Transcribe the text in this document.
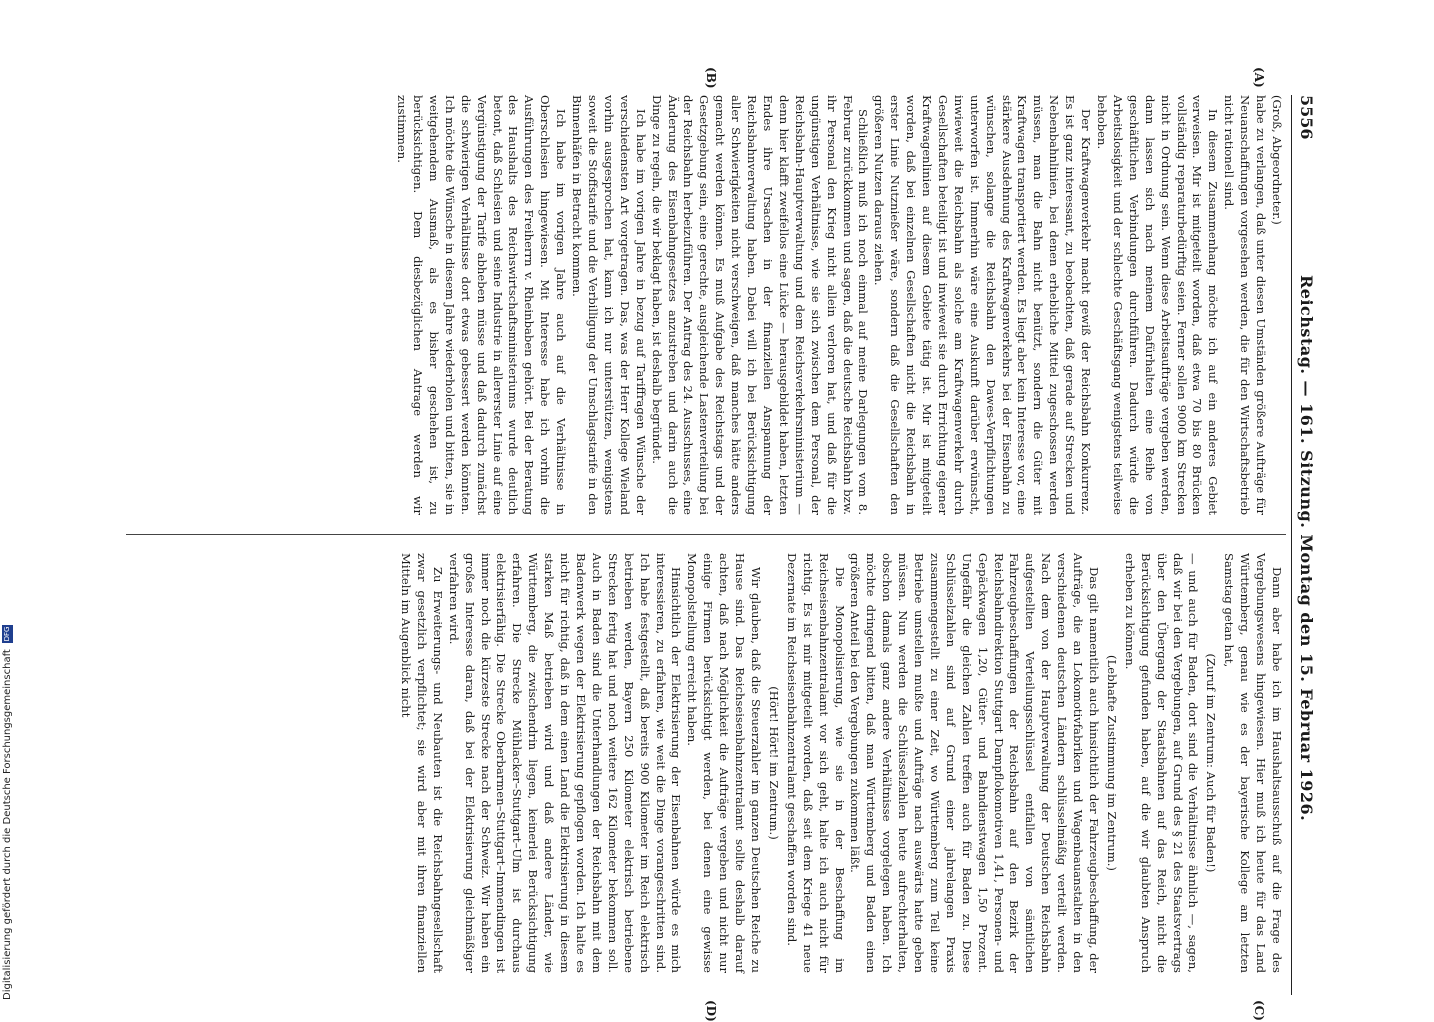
5556
Reichstag. — 161. Sitzung. Montag den 15. Februar 1926.
(A)
(B)
(C)
(D)

(Groß, Abgeordneter.)

habe zu verlangen, daß unter diesen Umständen größere Aufträge für Neuanschaffungen vorgesehen werden, die für den Wirtschaftsbetrieb nicht rationell sind.

In diesem Zusammenhang möchte ich auf ein anderes Gebiet verweisen. Mir ist mitgeteilt worden, daß etwa 70 bis 80 Brücken vollständig reparaturbedürftig seien. Ferner sollen 9000 km Strecken nicht in Ordnung sein. Wenn diese Arbeitsaufträge vergeben werden, dann lassen sich nach meinem Dafürhalten eine Reihe von geschäftlichen Verbindungen durchführen. Dadurch würde die Arbeitslosigkeit und der schlechte Geschäftsgang wenigstens teilweise behoben.

Der Kraftwagenverkehr macht gewiß der Reichsbahn Konkurrenz. Es ist ganz interessant, zu beobachten, daß gerade auf Strecken und Nebenbahnlinien, bei denen erhebliche Mittel zugeschossen werden müssen, man die Bahn nicht benützt, sondern die Güter mit Kraftwagen transportiert werden. Es liegt aber kein Interesse vor, eine stärkere Ausdehnung des Kraftwagenverkehrs bei der Eisenbahn zu wünschen, solange die Reichsbahn den Dawes-Verpflichtungen unterworfen ist. Immerhin wäre eine Auskunft darüber erwünscht, inwieweit die Reichsbahn als solche am Kraftwagenverkehr durch Gesellschaften beteiligt ist und inwieweit sie durch Errichtung eigener Kraftwagenlinien auf diesem Gebiete tätig ist. Mir ist mitgeteilt worden, daß bei einzelnen Gesellschaften nicht die Reichsbahn in erster Linie Nutznießer wäre, sondern daß die Gesellschaften den größeren Nutzen daraus ziehen.

Schließlich muß ich noch einmal auf meine Darlegungen vom 8. Februar zurückkommen und sagen, daß die deutsche Reichsbahn bzw. ihr Personal den Krieg nicht allein verloren hat, und daß für die ungünstigen Verhältnisse, wie sie sich zwischen dem Personal, der Reichsbahn-Hauptverwaltung und dem Reichsverkehrsministerium — denn hier klafft zweifellos eine Lücke — herausgebildet haben, letzten Endes ihre Ursachen in der finanziellen Anspannung der Reichsbahnverwaltung haben. Dabei will ich bei Berücksichtigung aller Schwierigkeiten nicht verschweigen, daß manches hätte anders gemacht werden können. Es muß Aufgabe des Reichstags und der Gesetzgebung sein, eine gerechte, ausgleichende Lastenverteilung bei der Reichsbahn herbeizuführen. Der Antrag des 24. Ausschusses, eine Änderung des Eisenbahngesetzes anzustreben und darin auch die Dinge zu regeln, die wir beklagt haben, ist deshalb begründet.

Ich habe im vorigen Jahre in bezug auf Tariffragen Wünsche der verschiedensten Art vorgetragen. Das, was der Herr Kollege Wieland vorhin ausgesprochen hat, kann ich nur unterstützen, wenigstens soweit die Stoffstarife und die Verbilligung der Umschlagstarife in den Binnenhäfen in Betracht kommen.

Ich habe im vorigen Jahre auch auf die Verhältnisse in Oberschlesien hingewiesen. Mit Interesse habe ich vorhin die Ausführungen des Freiherrn v. Rheinbaben gehört. Bei der Beratung des Haushalts des Reichswirtschaftsministeriums wurde deutlich betont, daß Schlesien und seine Industrie in allererster Linie auf eine Vergünstigung der Tarife abheben müsse und daß dadurch zunächst die schwierigen Verhältnisse dort etwas gebessert werden könnten. Ich möchte die Wünsche in diesem Jahre wiederholen und bitten, sie in weitgehendem Ausmaß, als es bisher geschehen ist, zu berücksichtigen. Dem diesbezüglichen Antrage werden wir zustimmen.

Dann aber habe ich im Haushaltsausschuß auf die Frage des Vergebungswesens hingewiesen. Hier muß ich heute für das Land Württemberg, genau wie es der bayerische Kollege am letzten Samstag getan hat,

(Zuruf im Zentrum: Auch für Baden!)

— und auch für Baden, dort sind die Verhältnisse ähnlich —, sagen, daß wir bei den Vergebungen, auf Grund des § 21 des Staatsvertrags über den Übergang der Staatsbahnen auf das Reich, nicht die Berücksichtigung gefunden haben, auf die wir glaubten Anspruch erheben zu können.

(Lebhafte Zustimmung im Zentrum.)

Das gilt namentlich auch hinsichtlich der Fahrzeugbeschaffung, der Aufträge, die an Lokomotivfabriken und Wagenbauanstalten in den verschiedenen deutschen Ländern schlüsselmäßig verteilt werden. Nach dem von der Hauptverwaltung der Deutschen Reichsbahn aufgestellten Verteilungsschlüssel entfallen von sämtlichen Fahrzeugbeschaffungen der Reichsbahn auf den Bezirk der Reichsbahndirektion Stuttgart Dampflokomotiven 1,41, Personen- und Gepäckwagen 1,20, Güter- und Bahndienstwagen 1,50 Prozent. Ungefähr die gleichen Zahlen treffen auch für Baden zu. Diese Schlüsselzahlen sind auf Grund einer jahrelangen Praxis zusammengestellt zu einer Zeit, wo Württemberg zum Teil keine Betriebe umstellen mußte und Aufträge nach auswärts hatte geben müssen. Nun werden die Schlüsselzahlen heute aufrechterhalten, obschon damals ganz andere Verhältnisse vorgelegen haben. Ich möchte dringend bitten, daß man Württemberg und Baden einen größeren Anteil bei den Vergebungen zukommen läßt.

Die Monopolisierung, wie sie in der Beschaffung im Reichseisenbahnzentralamt vor sich geht, halte ich auch nicht für richtig. Es ist mir mitgeteilt worden, daß seit dem Kriege 41 neue Dezernate im Reichseisenbahnzentralamt geschaffen worden sind.

(Hört! Hört! im Zentrum.)

Wir glauben, daß die Steuerzahler im ganzen Deutschen Reiche zu Hause sind. Das Reichseisenbahnzentralamt sollte deshalb darauf achten, daß nach Möglichkeit die Aufträge vergeben und nicht nur einige Firmen berücksichtigt werden, bei denen eine gewisse Monopolstellung erreicht haben.

Hinsichtlich der Elektrisierung der Eisenbahnen würde es mich interessieren, zu erfahren, wie weit die Dinge vorangeschritten sind. Ich habe festgestellt, daß bereits 900 Kilometer im Reich elektrisch betrieben werden, Bayern 250 Kilometer elektrisch betriebene Strecken fertig hat und noch weitere 162 Kilometer bekommen soll. Auch in Baden sind die Unterhandlungen der Reichsbahn mit dem Badenwerk wegen der Elektrisierung gepflogen worden. Ich halte es nicht für richtig, daß in dem einen Land die Elektrisierung in diesem starken Maß betrieben wird und daß andere Länder, wie Württemberg, die zwischendrin liegen, keinerlei Berücksichtigung erfahren. Die Strecke Mühlacker–Stuttgart–Ulm ist durchaus elektrisierfähig. Die Strecke Oberbarmen–Stuttgart–Immendingen ist immer noch die kürzeste Strecke nach der Schweiz. Wir haben ein großes Interesse daran, daß bei der Elektrisierung gleichmäßiger verfahren wird.

Zu Erweiterungs- und Neubauten ist die Reichsbahngesellschaft zwar gesetzlich verpflichtet; sie wird aber mit ihren finanziellen Mitteln im Augenblick nicht

Digitalisierung gefördert durch die Deutsche Forschungsgemeinschaft DFG
